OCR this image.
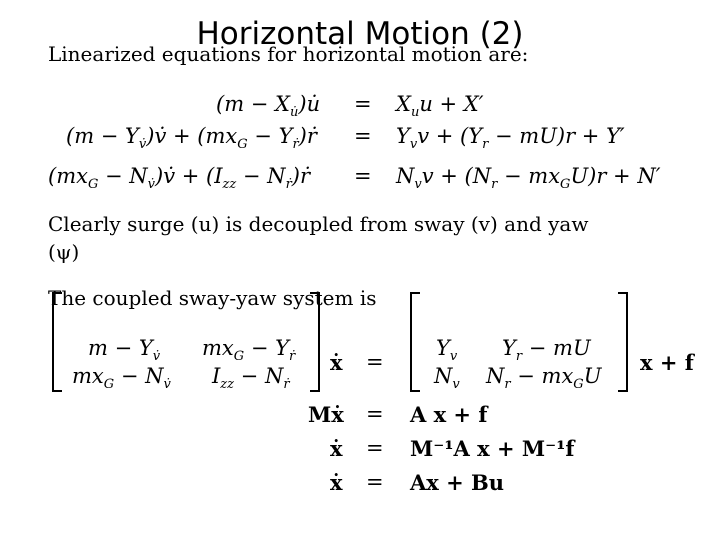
Horizontal Motion (2)
Linearized equations for horizontal motion are:
$(m - X_{u̇})u̇ = X_uu + X'$
$(m - Y_{v̇})v̇ + (mx_G$ − $Y_ṙ)ṙ = Y_vv + (Y_r - mU)r + Y'$
($mx_G$ − $N_{v̇})v̇ + (I_{zz}$ − $N_ṙ)ṙ = N_vv + (N_r - mx_GU)r + N'$
Clearly surge (u) is decoupled from sway (v) and yaw
(ψ)
The coupled sway-yaw system is
$m - Y_{v̇}$ $mx_G - Y_ṙ$
$mx_G - N_{v̇}$ $I_{zz} - N_ṙ$
ẋ =
$Y_v$ $Y_r$ − mU
$N_v$ $N_r - mx_GU$
x + f
Mẋ = A x + f
ẋ = M⁻¹A x + M⁻¹f
ẋ = Ax + Bu
